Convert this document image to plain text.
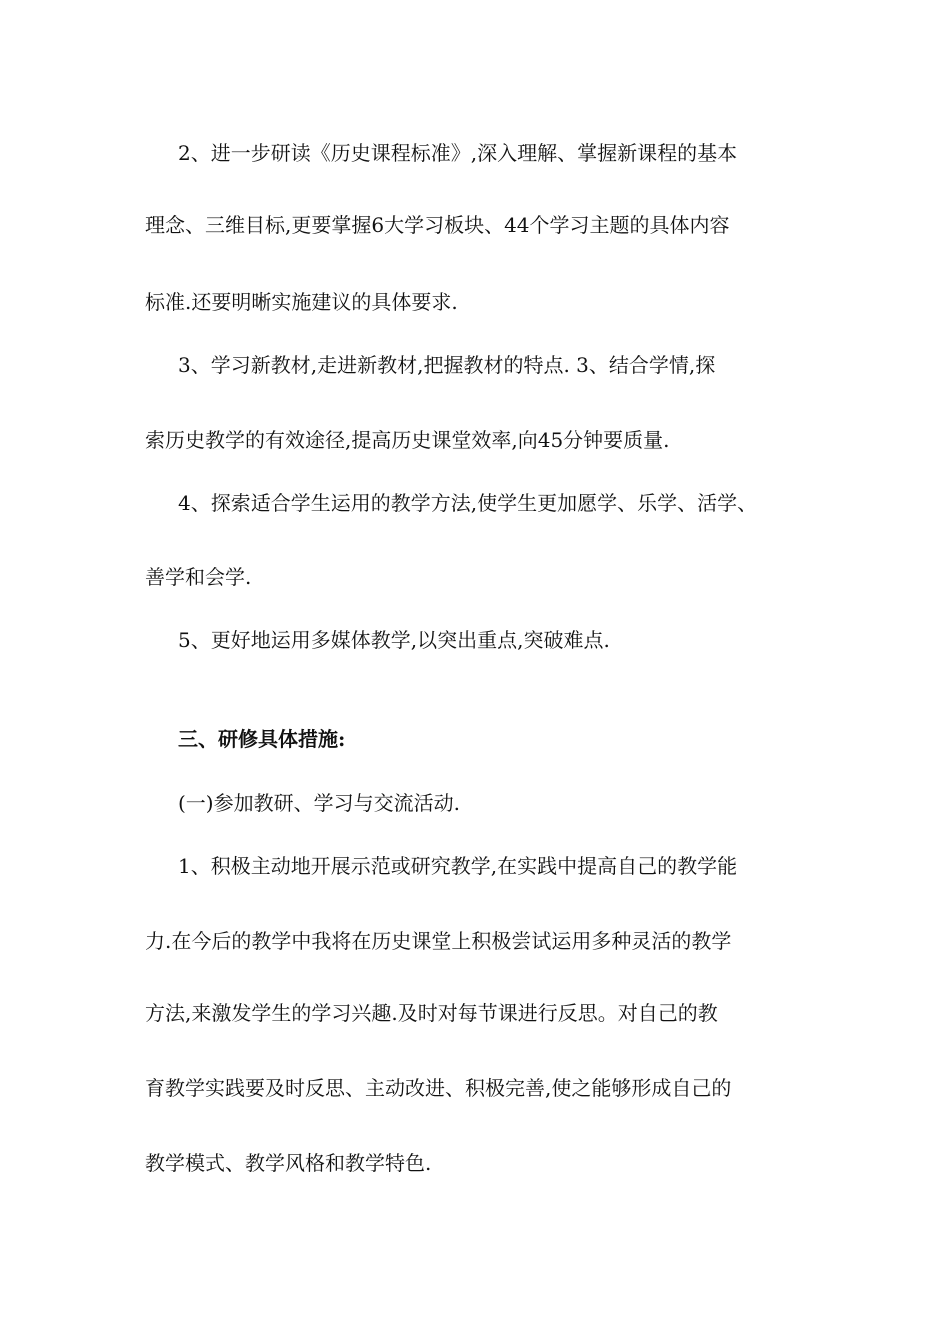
2、进一步研读《历史课程标准》,深入理解、掌握新课程的基本

理念、三维目标,更要掌握6大学习板块、44个学习主题的具体内容

标准.还要明晰实施建议的具体要求.

3、学习新教材,走进新教材,把握教材的特点. 3、结合学情,探

索历史教学的有效途径,提高历史课堂效率,向45分钟要质量.

4、探索适合学生运用的教学方法,使学生更加愿学、乐学、活学、

善学和会学.

5、更好地运用多媒体教学,以突出重点,突破难点.

三、研修具体措施:

(一)参加教研、学习与交流活动.

1、积极主动地开展示范或研究教学,在实践中提高自己的教学能

力.在今后的教学中我将在历史课堂上积极尝试运用多种灵活的教学

方法,来激发学生的学习兴趣.及时对每节课进行反思。对自己的教

育教学实践要及时反思、主动改进、积极完善,使之能够形成自己的

教学模式、教学风格和教学特色.
